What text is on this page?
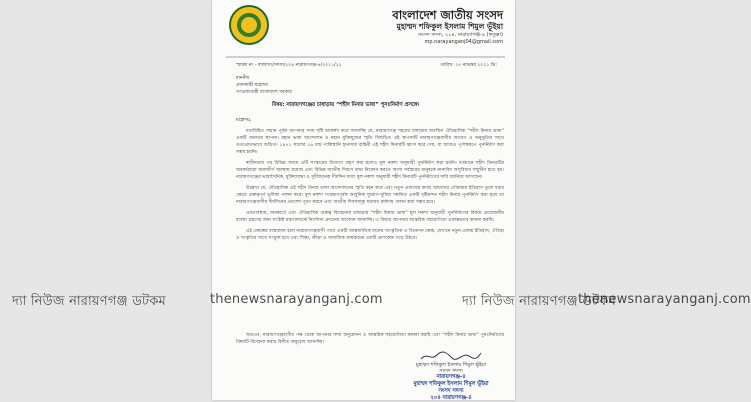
বাংলাদেশ জাতীয় সংসদ
মুহাম্মদ শফিকুল ইসলাম শিমুল ভূঁইয়া
সংসদ সদস্য, ২০৪, নারায়ণগঞ্জ-৪ (ফতুল্লা)
mp.narayanganj04@gmail.com
স্মারক নং - বাজাসং/সদস্য/২০৪ নারায়ণগঞ্জ-৪/২০২১/১২	তারিখ: ২৫ নভেম্বর ২০২১ খ্রি:
মাননীয়
প্রধানমন্ত্রী মহোদয়
গণপ্রজাতন্ত্রী বাংলাদেশ সরকার
বিষয়: নারায়ণগঞ্জের চাষাড়ায় “শহীদ মিনার ভাষা” পুনঃনির্মাণ প্রসঙ্গে।
মহোদয়,

যথাবিহিত সম্মান পূর্বক আপনার সদয় দৃষ্টি আকর্ষণ করে জানাচ্ছি যে, নারায়ণগঞ্জ শহরের চাষাড়ায় অবস্থিত ঐতিহাসিক “শহীদ মিনার ভাষা” একটি অন্যতম স্থাপনা। মহান ভাষা আন্দোলন ও মহান মুক্তিযুদ্ধের স্মৃতি বিজড়িত এই স্থাপনাটি নারায়ণগঞ্জবাসীর আবেগ ও অনুভূতির সাথে ওতপ্রোতভাবে জড়িত। ১৯৭১ সালের ২৬ মার্চ পাকিস্তানি হানাদার বাহিনী এই শহীদ মিনারটি ধ্বংস করে দেয়, যা আজও পূর্ণাঙ্গরূপে পুনর্নির্মাণ করা সম্ভব হয়নি।

স্বাধীনতার পর বিভিন্ন সময়ে এটি সংস্কারের উদ্যোগ গ্রহণ করা হলেও মূল নকশা অনুযায়ী পুনর্নির্মাণ করা হয়নি। বর্তমানে শহীদ মিনারটির অবকাঠামো জরাজীর্ণ অবস্থায় রয়েছে এবং বিভিন্ন জাতীয় দিবসে শ্রদ্ধা নিবেদন করতে আসা সর্বস্তরের মানুষকে নানাবিধ অসুবিধার সম্মুখীন হতে হয়। নারায়ণগঞ্জের ভাষাসৈনিক, মুক্তিযোদ্ধা ও সুধীজনেরা দীর্ঘদিন যাবৎ মূল নকশা অনুযায়ী শহীদ মিনারটি পুনর্নির্মাণের দাবি জানিয়ে আসছেন।

উল্লেখ্য যে, ঐতিহাসিক এই শহীদ মিনার ভাষা আন্দোলনের স্মৃতি বহন করে এবং নতুন প্রজন্মের কাছে আমাদের গৌরবময় ইতিহাস তুলে ধরার ক্ষেত্রে গুরুত্বপূর্ণ ভূমিকা পালন করে। মূল নকশা সংরক্ষণপূর্বক আধুনিক সুযোগ-সুবিধা সম্বলিত একটি দৃষ্টিনন্দন শহীদ মিনার পুনর্নির্মাণ করা হলে তা নারায়ণগঞ্জবাসীর দীর্ঘদিনের প্রত্যাশা পূরণ করবে এবং জাতীয় দিবসসমূহ যথাযথ মর্যাদায় পালন করা সম্ভব হবে।

এমতাবস্থায়, জনস্বার্থে এবং ঐতিহাসিক গুরুত্ব বিবেচনায় চাষাড়ার “শহীদ মিনার ভাষা” মূল নকশা অনুযায়ী পুনর্নির্মাণের বিষয়ে প্রয়োজনীয় ব্যবস্থা গ্রহণের জন্য সংশ্লিষ্ট মন্ত্রণালয়কে নির্দেশনা প্রদানের আবেদন জানাচ্ছি। এ বিষয়ে আপনার আন্তরিক সহযোগিতা একান্তভাবে কামনা করছি।

এই প্রকল্পের বাস্তবায়ন হলে নারায়ণগঞ্জবাসী পাবে একটি আন্তর্জাতিক মানের সাংস্কৃতিক ও বিনোদন কেন্দ্র, যেখানে নতুন প্রজন্ম ইতিহাস, ঐতিহ্য ও সংস্কৃতির সাথে সংযুক্ত হবে এবং শিক্ষা, ক্রীড়া ও সামাজিক কার্যক্রমের একটি প্রাণকেন্দ্র গড়ে উঠবে।

অতএব, নারায়ণগঞ্জবাসীর পক্ষ থেকে আপনার সদয় অনুমোদন ও আন্তরিক সহযোগিতা কামনা করছি এবং “শহীদ মিনার ভাষা” পুনঃনির্মাণের বিষয়টি বিবেচনা করার বিনীত অনুরোধ জানাচ্ছি।

মুহাম্মদ শফিকুল ইসলাম শিমুল ভূঁইয়া
সংসদ সদস্য
নারায়ণগঞ্জ-৪
মুহাম্মদ শফিকুল ইসলাম শিমুল ভূঁইয়া
সংসদ সদস্য
২০৪ নারায়ণগঞ্জ-৪
দ্যা নিউজ নারায়ণগঞ্জ ডটকম	thenewsnarayanganj.com	দ্যা নিউজ নারায়ণগঞ্জ ডটকম
thenewsnarayanganj.com
